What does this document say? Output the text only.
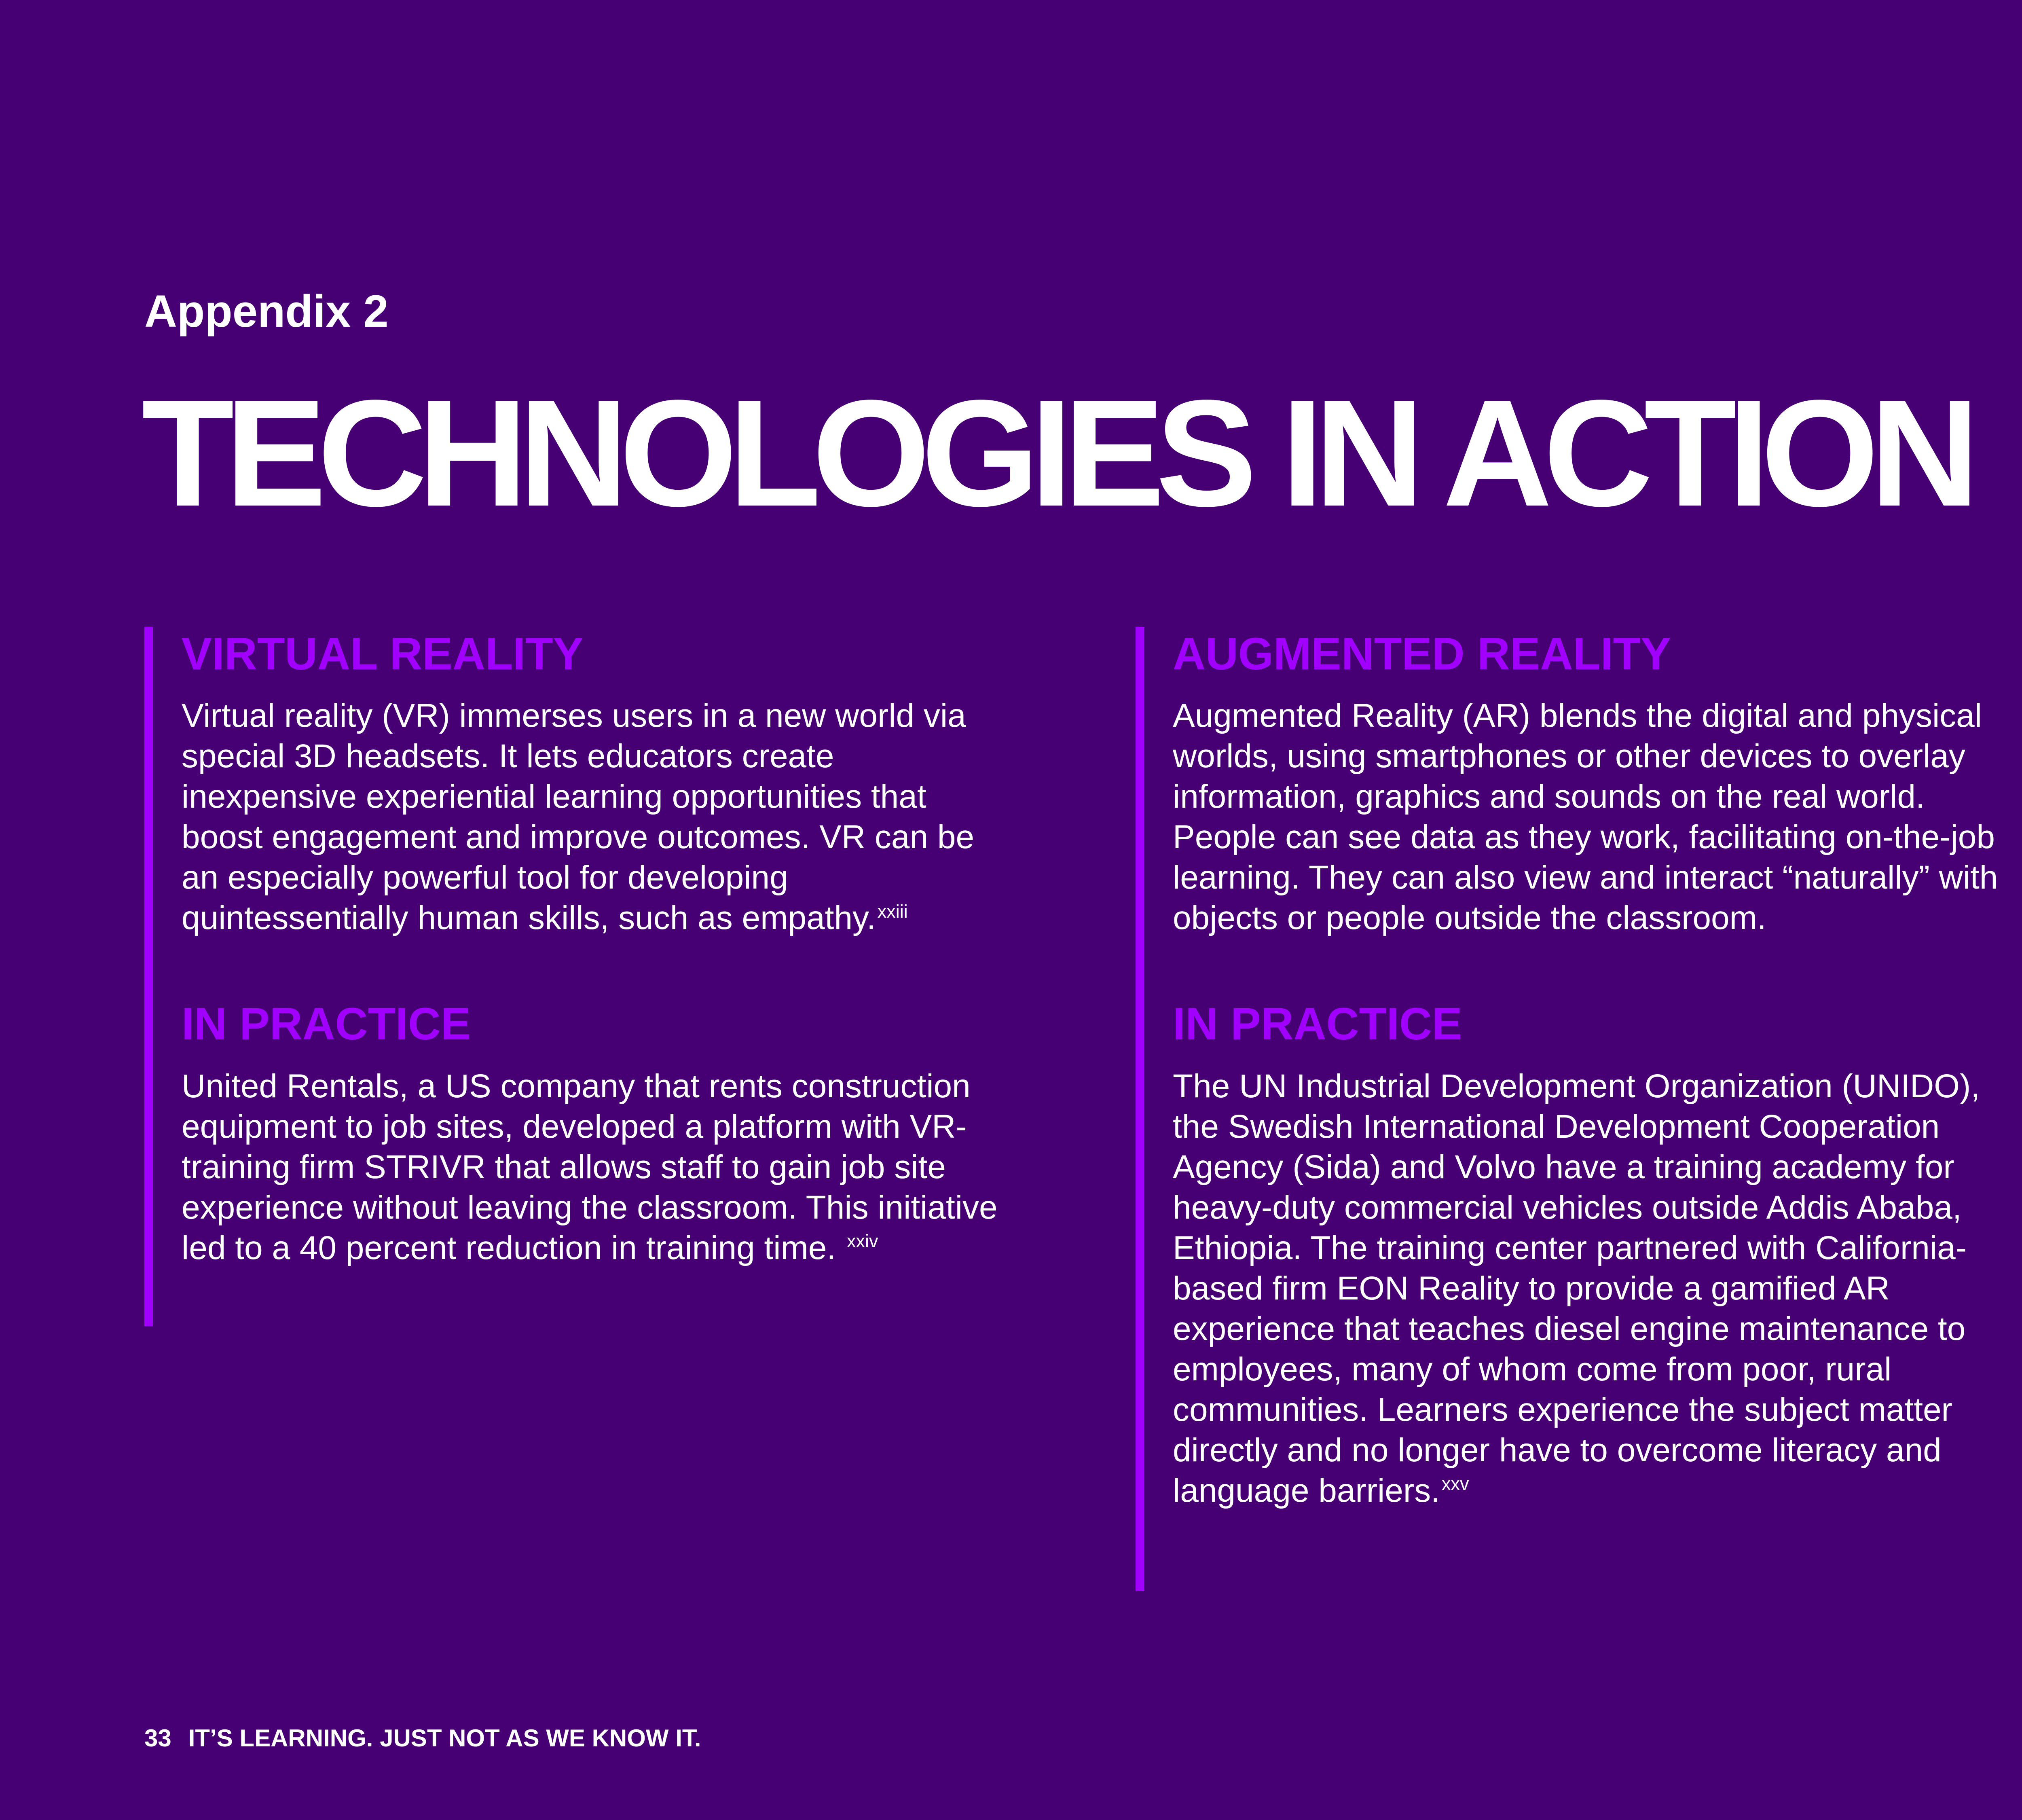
Appendix 2
TECHNOLOGIES IN ACTION
VIRTUAL REALITY

Virtual reality (VR) immerses users in a new world via special 3D headsets. It lets educators create inexpensive experiential learning opportunities that boost engagement and improve outcomes. VR can be an especially powerful tool for developing quintessentially human skills, such as empathy.$^{xxiii}$

IN PRACTICE

United Rentals, a US company that rents construction equipment to job sites, developed a platform with VR-training firm STRIVR that allows staff to gain job site experience without leaving the classroom. This initiative led to a 40 percent reduction in training time. $^{xxiv}$

AUGMENTED REALITY

Augmented Reality (AR) blends the digital and physical worlds, using smartphones or other devices to overlay information, graphics and sounds on the real world. People can see data as they work, facilitating on-the-job learning. They can also view and interact “naturally” with objects or people outside the classroom.

IN PRACTICE

The UN Industrial Development Organization (UNIDO), the Swedish International Development Cooperation Agency (Sida) and Volvo have a training academy for heavy-duty commercial vehicles outside Addis Ababa, Ethiopia. The training center partnered with California-based firm EON Reality to provide a gamified AR experience that teaches diesel engine maintenance to employees, many of whom come from poor, rural communities. Learners experience the subject matter directly and no longer have to overcome literacy and language barriers.$^{xxv}$

33 IT’S LEARNING. JUST NOT AS WE KNOW IT.
